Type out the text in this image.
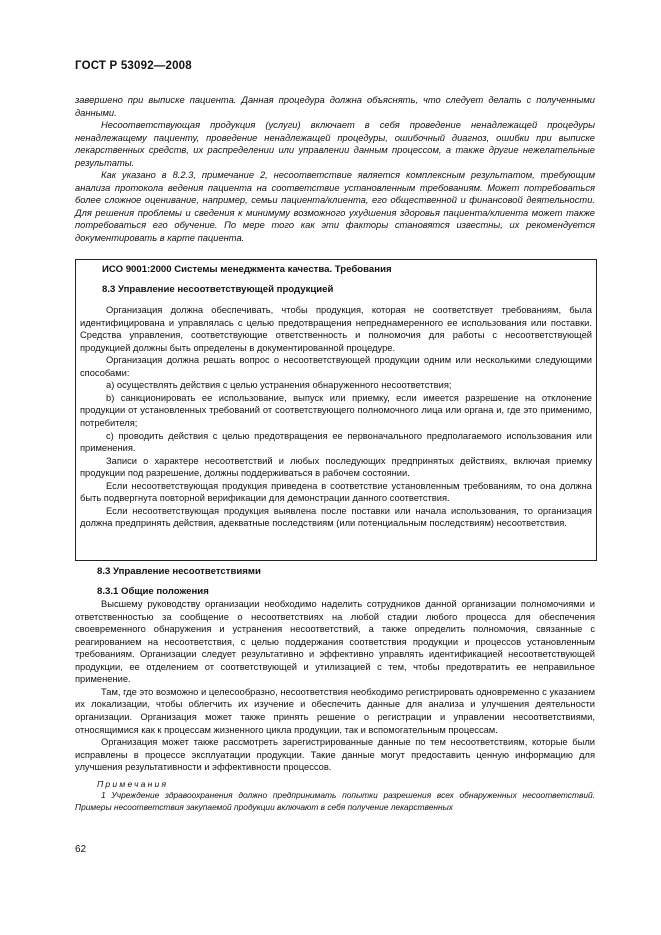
ГОСТ Р 53092—2008

завершено при выписке пациента. Данная процедура должна объяснять, что следует делать с полученными данными.

Несоответствующая продукция (услуги) включает в себя проведение ненадлежащей процедуры ненадлежащему пациенту, проведение ненадлежащей процедуры, ошибочный диагноз, ошибки при выписке лекарственных средств, их распределении или управлении данным процессом, а также другие нежелательные результаты.

Как указано в 8.2.3, примечание 2, несоответствие является комплексным результатом, требующим анализа протокола ведения пациента на соответствие установленным требованиям. Может потребоваться более сложное оценивание, например, семьи пациента/клиента, его общественной и финансовой деятельности. Для решения проблемы и сведения к минимуму возможного ухудшения здоровья пациента/клиента может также потребоваться его обучение. По мере того как эти факторы становятся известны, их рекомендуется документировать в карте пациента.

ИСО 9001:2000 Системы менеджмента качества. Требования
8.3 Управление несоответствующей продукцией

Организация должна обеспечивать, чтобы продукция, которая не соответствует требованиям, была идентифицирована и управлялась с целью предотвращения непреднамеренного ее использования или поставки. Средства управления, соответствующие ответственность и полномочия для работы с несоответствующей продукцией должны быть определены в документированной процедуре.

Организация должна решать вопрос о несоответствующей продукции одним или несколькими следующими способами:

а) осуществлять действия с целью устранения обнаруженного несоответствия;

b) санкционировать ее использование, выпуск или приемку, если имеется разрешение на отклонение продукции от установленных требований от соответствующего полномочного лица или органа и, где это применимо, потребителя;

c) проводить действия с целью предотвращения ее первоначального предполагаемого использования или применения.

Записи о характере несоответствий и любых последующих предпринятых действиях, включая приемку продукции под разрешение, должны поддерживаться в рабочем состоянии.

Если несоответствующая продукция приведена в соответствие установленным требованиям, то она должна быть подвергнута повторной верификации для демонстрации данного соответствия.

Если несоответствующая продукция выявлена после поставки или начала использования, то организация должна предпринять действия, адекватные последствиям (или потенциальным последствиям) несоответствия.

8.3 Управление несоответствиями
8.3.1 Общие положения

Высшему руководству организации необходимо наделить сотрудников данной организации полномочиями и ответственностью за сообщение о несоответствиях на любой стадии любого процесса для обеспечения своевременного обнаружения и устранения несоответствий, а также определить полномочия, связанные с реагированием на несоответствия, с целью поддержания соответствия продукции и процессов установленным требованиям. Организации следует результативно и эффективно управлять идентификацией несоответствующей продукции, ее отделением от соответствующей и утилизацией с тем, чтобы предотвратить ее неправильное применение.

Там, где это возможно и целесообразно, несоответствия необходимо регистрировать одновременно с указанием их локализации, чтобы облегчить их изучение и обеспечить данные для анализа и улучшения деятельности организации. Организация может также принять решение о регистрации и управлении несоответствиями, относящимися как к процессам жизненного цикла продукции, так и вспомогательным процессам.

Организация может также рассмотреть зарегистрированные данные по тем несоответствиям, которые были исправлены в процессе эксплуатации продукции. Такие данные могут предоставить ценную информацию для улучшения результативности и эффективности процессов.

Примечания

1 Учреждение здравоохранения должно предпринимать попытки разрешения всех обнаруженных несоответствий. Примеры несоответствия закупаемой продукции включают в себя получение лекарственных

62
